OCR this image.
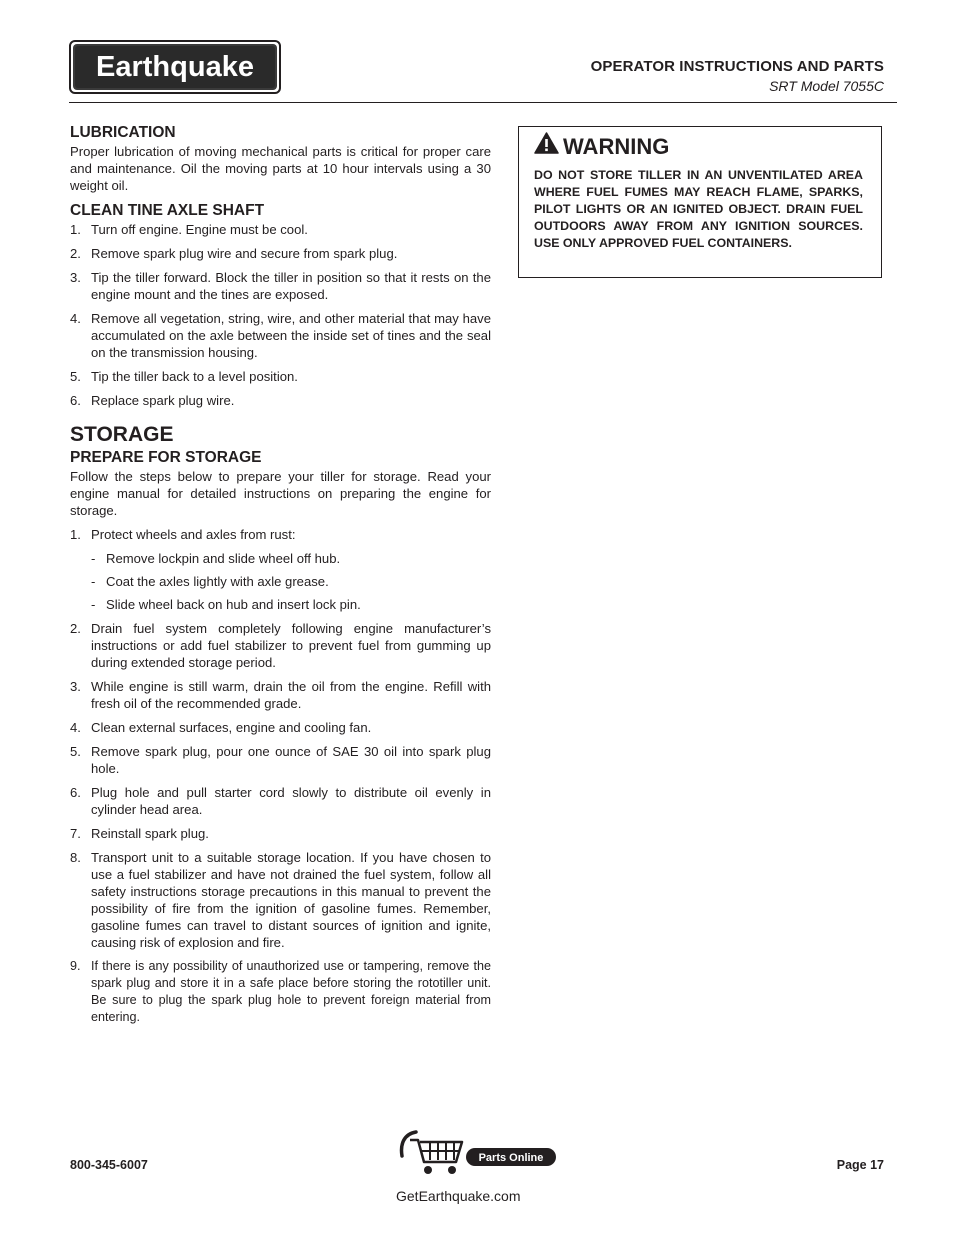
Earthquake	OPERATOR INSTRUCTIONS AND PARTS
SRT Model 7055C
LUBRICATION

Proper lubrication of moving mechanical parts is critical for proper care and maintenance. Oil the moving parts at 10 hour intervals using a 30 weight oil.

CLEAN TINE AXLE SHAFT
1. Turn off engine. Engine must be cool.
2. Remove spark plug wire and secure from spark plug.
3. Tip the tiller forward. Block the tiller in position so that it rests on the engine mount and the tines are exposed.
4. Remove all vegetation, string, wire, and other material that may have accumulated on the axle between the inside set of tines and the seal on the transmission housing.
5. Tip the tiller back to a level position.
6. Replace spark plug wire.
STORAGE
PREPARE FOR STORAGE

Follow the steps below to prepare your tiller for storage. Read your engine manual for detailed instructions on preparing the engine for storage.

1. Protect wheels and axles from rust:
- Remove lockpin and slide wheel off hub.
- Coat the axles lightly with axle grease.
- Slide wheel back on hub and insert lock pin.
2. Drain fuel system completely following engine manufacturer’s instructions or add fuel stabilizer to prevent fuel from gumming up during extended storage period.
3. While engine is still warm, drain the oil from the engine. Refill with fresh oil of the recommended grade.
4. Clean external surfaces, engine and cooling fan.
5. Remove spark plug, pour one ounce of SAE 30 oil into spark plug hole.
6. Plug hole and pull starter cord slowly to distribute oil evenly in cylinder head area.
7. Reinstall spark plug.
8. Transport unit to a suitable storage location. If you have chosen to use a fuel stabilizer and have not drained the fuel system, follow all safety instructions storage precautions in this manual to prevent the possibility of fire from the ignition of gasoline fumes. Remember, gasoline fumes can travel to distant sources of ignition and ignite, causing risk of explosion and fire.
9. If there is any possibility of unauthorized use or tampering, remove the spark plug and store it in a safe place before storing the rototiller unit. Be sure to plug the spark plug hole to prevent foreign material from entering.
WARNING
DO NOT STORE TILLER IN AN UNVENTILATED AREA WHERE FUEL FUMES MAY REACH FLAME, SPARKS, PILOT LIGHTS OR AN IGNITED OBJECT. DRAIN FUEL OUTDOORS AWAY FROM ANY IGNITION SOURCES. USE ONLY APPROVED FUEL CONTAINERS.
800-345-6007	Parts Online
GetEarthquake.com
Page 17
